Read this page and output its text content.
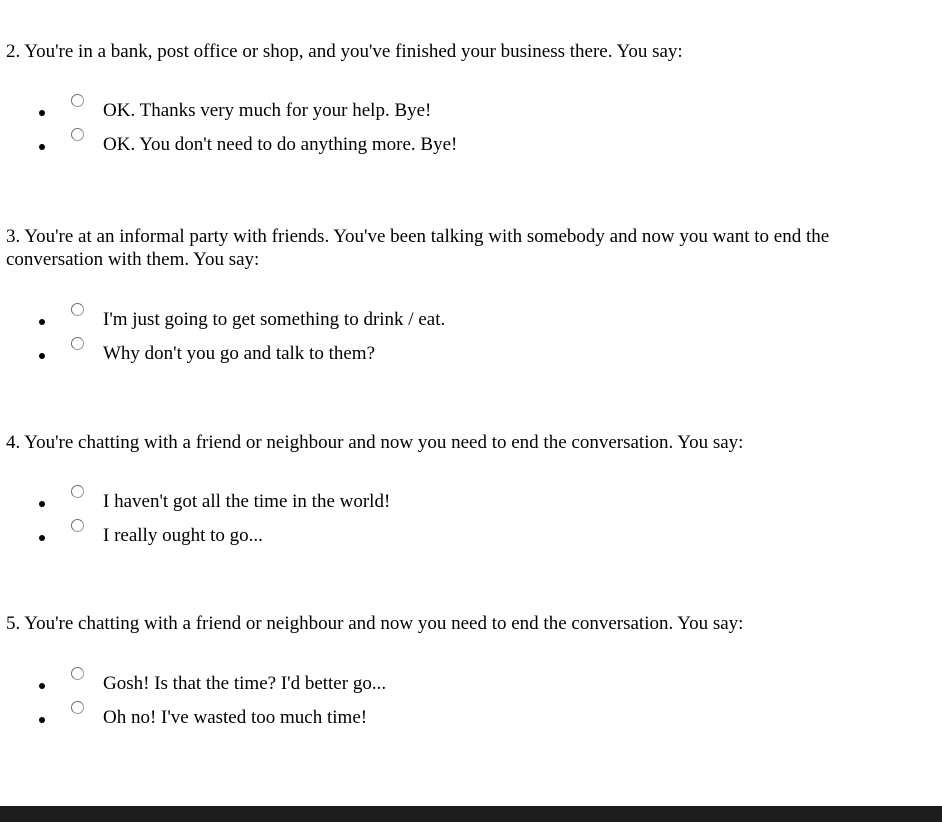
2. You're in a bank, post office or shop, and you've finished your business there. You say:

OK. Thanks very much for your help. Bye!
OK. You don't need to do anything more. Bye!

3. You're at an informal party with friends. You've been talking with somebody and now you want to end the conversation with them. You say:

I'm just going to get something to drink / eat.
Why don't you go and talk to them?

4. You're chatting with a friend or neighbour and now you need to end the conversation. You say:

I haven't got all the time in the world!
I really ought to go...

5. You're chatting with a friend or neighbour and now you need to end the conversation. You say:

Gosh! Is that the time? I'd better go...
Oh no! I've wasted too much time!
